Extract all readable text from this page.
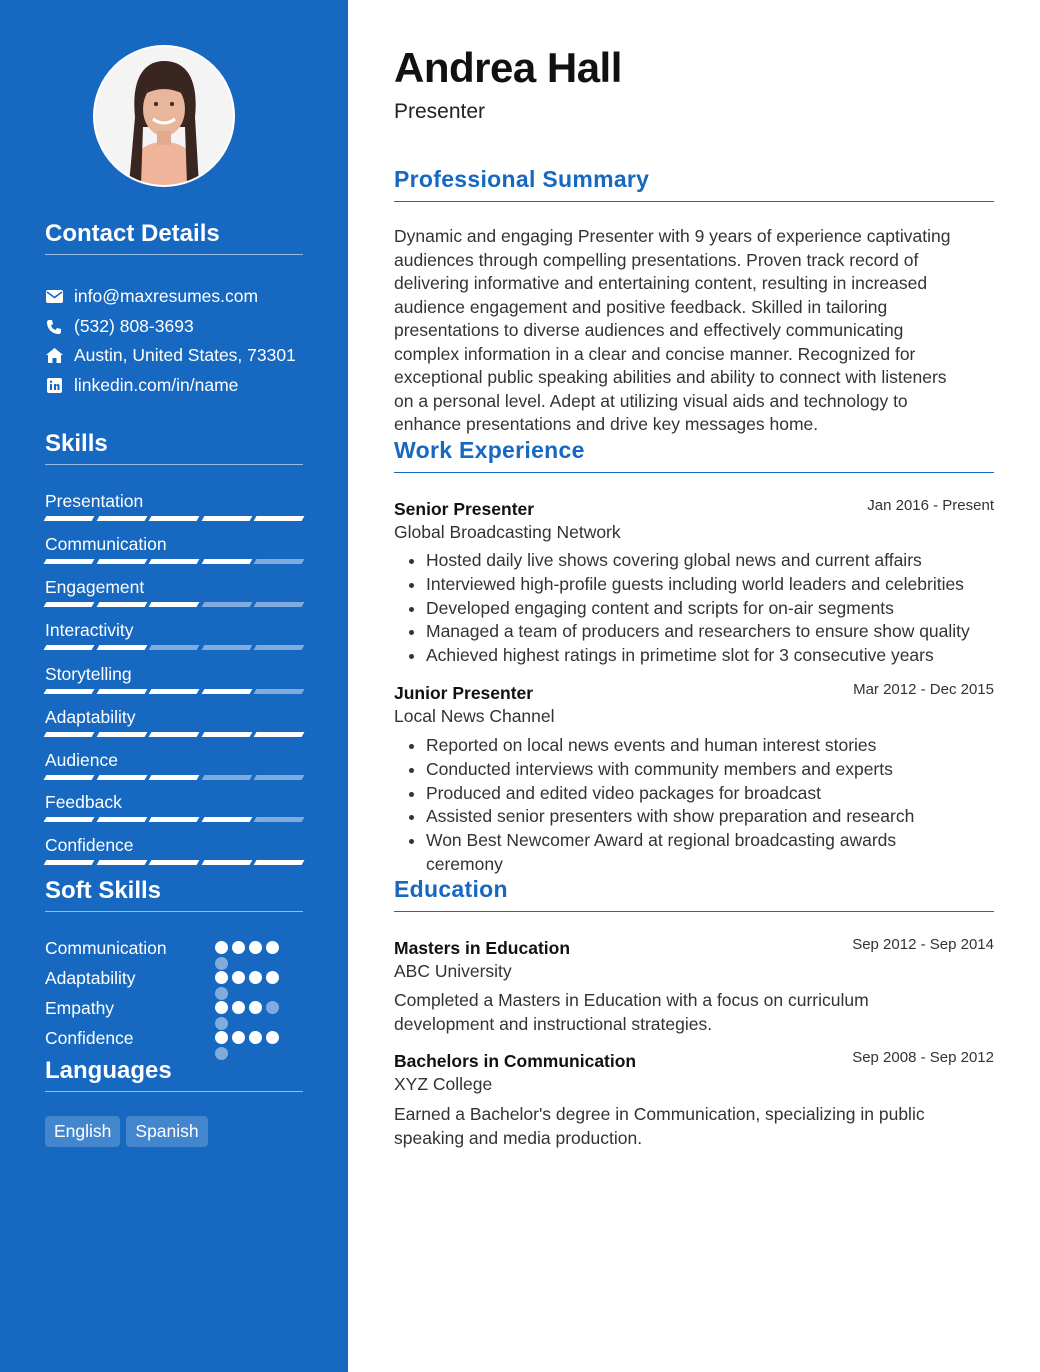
Contact Details
info@maxresumes.com
(532) 808-3693
Austin, United States, 73301
linkedin.com/in/name
Skills
Presentation
Communication
Engagement
Interactivity
Storytelling
Adaptability
Audience
Feedback
Confidence
Soft Skills
Communication
Adaptability
Empathy
Confidence
Languages
English	Spanish
Andrea Hall
Presenter
Professional Summary
Dynamic and engaging Presenter with 9 years of experience captivating
audiences through compelling presentations. Proven track record of
delivering informative and entertaining content, resulting in increased
audience engagement and positive feedback. Skilled in tailoring
presentations to diverse audiences and effectively communicating
complex information in a clear and concise manner. Recognized for
exceptional public speaking abilities and ability to connect with listeners
on a personal level. Adept at utilizing visual aids and technology to
enhance presentations and drive key messages home.
Work Experience
Senior Presenter	Jan 2016 - Present
Global Broadcasting Network
• Hosted daily live shows covering global news and current affairs
• Interviewed high-profile guests including world leaders and celebrities
• Developed engaging content and scripts for on-air segments
• Managed a team of producers and researchers to ensure show quality
• Achieved highest ratings in primetime slot for 3 consecutive years
Junior Presenter	Mar 2012 - Dec 2015
Local News Channel
• Reported on local news events and human interest stories
• Conducted interviews with community members and experts
• Produced and edited video packages for broadcast
• Assisted senior presenters with show preparation and research
• Won Best Newcomer Award at regional broadcasting awards ceremony
Education
Masters in Education	Sep 2012 - Sep 2014
ABC University
Completed a Masters in Education with a focus on curriculum
development and instructional strategies.
Bachelors in Communication	Sep 2008 - Sep 2012
XYZ College
Earned a Bachelor's degree in Communication, specializing in public
speaking and media production.
